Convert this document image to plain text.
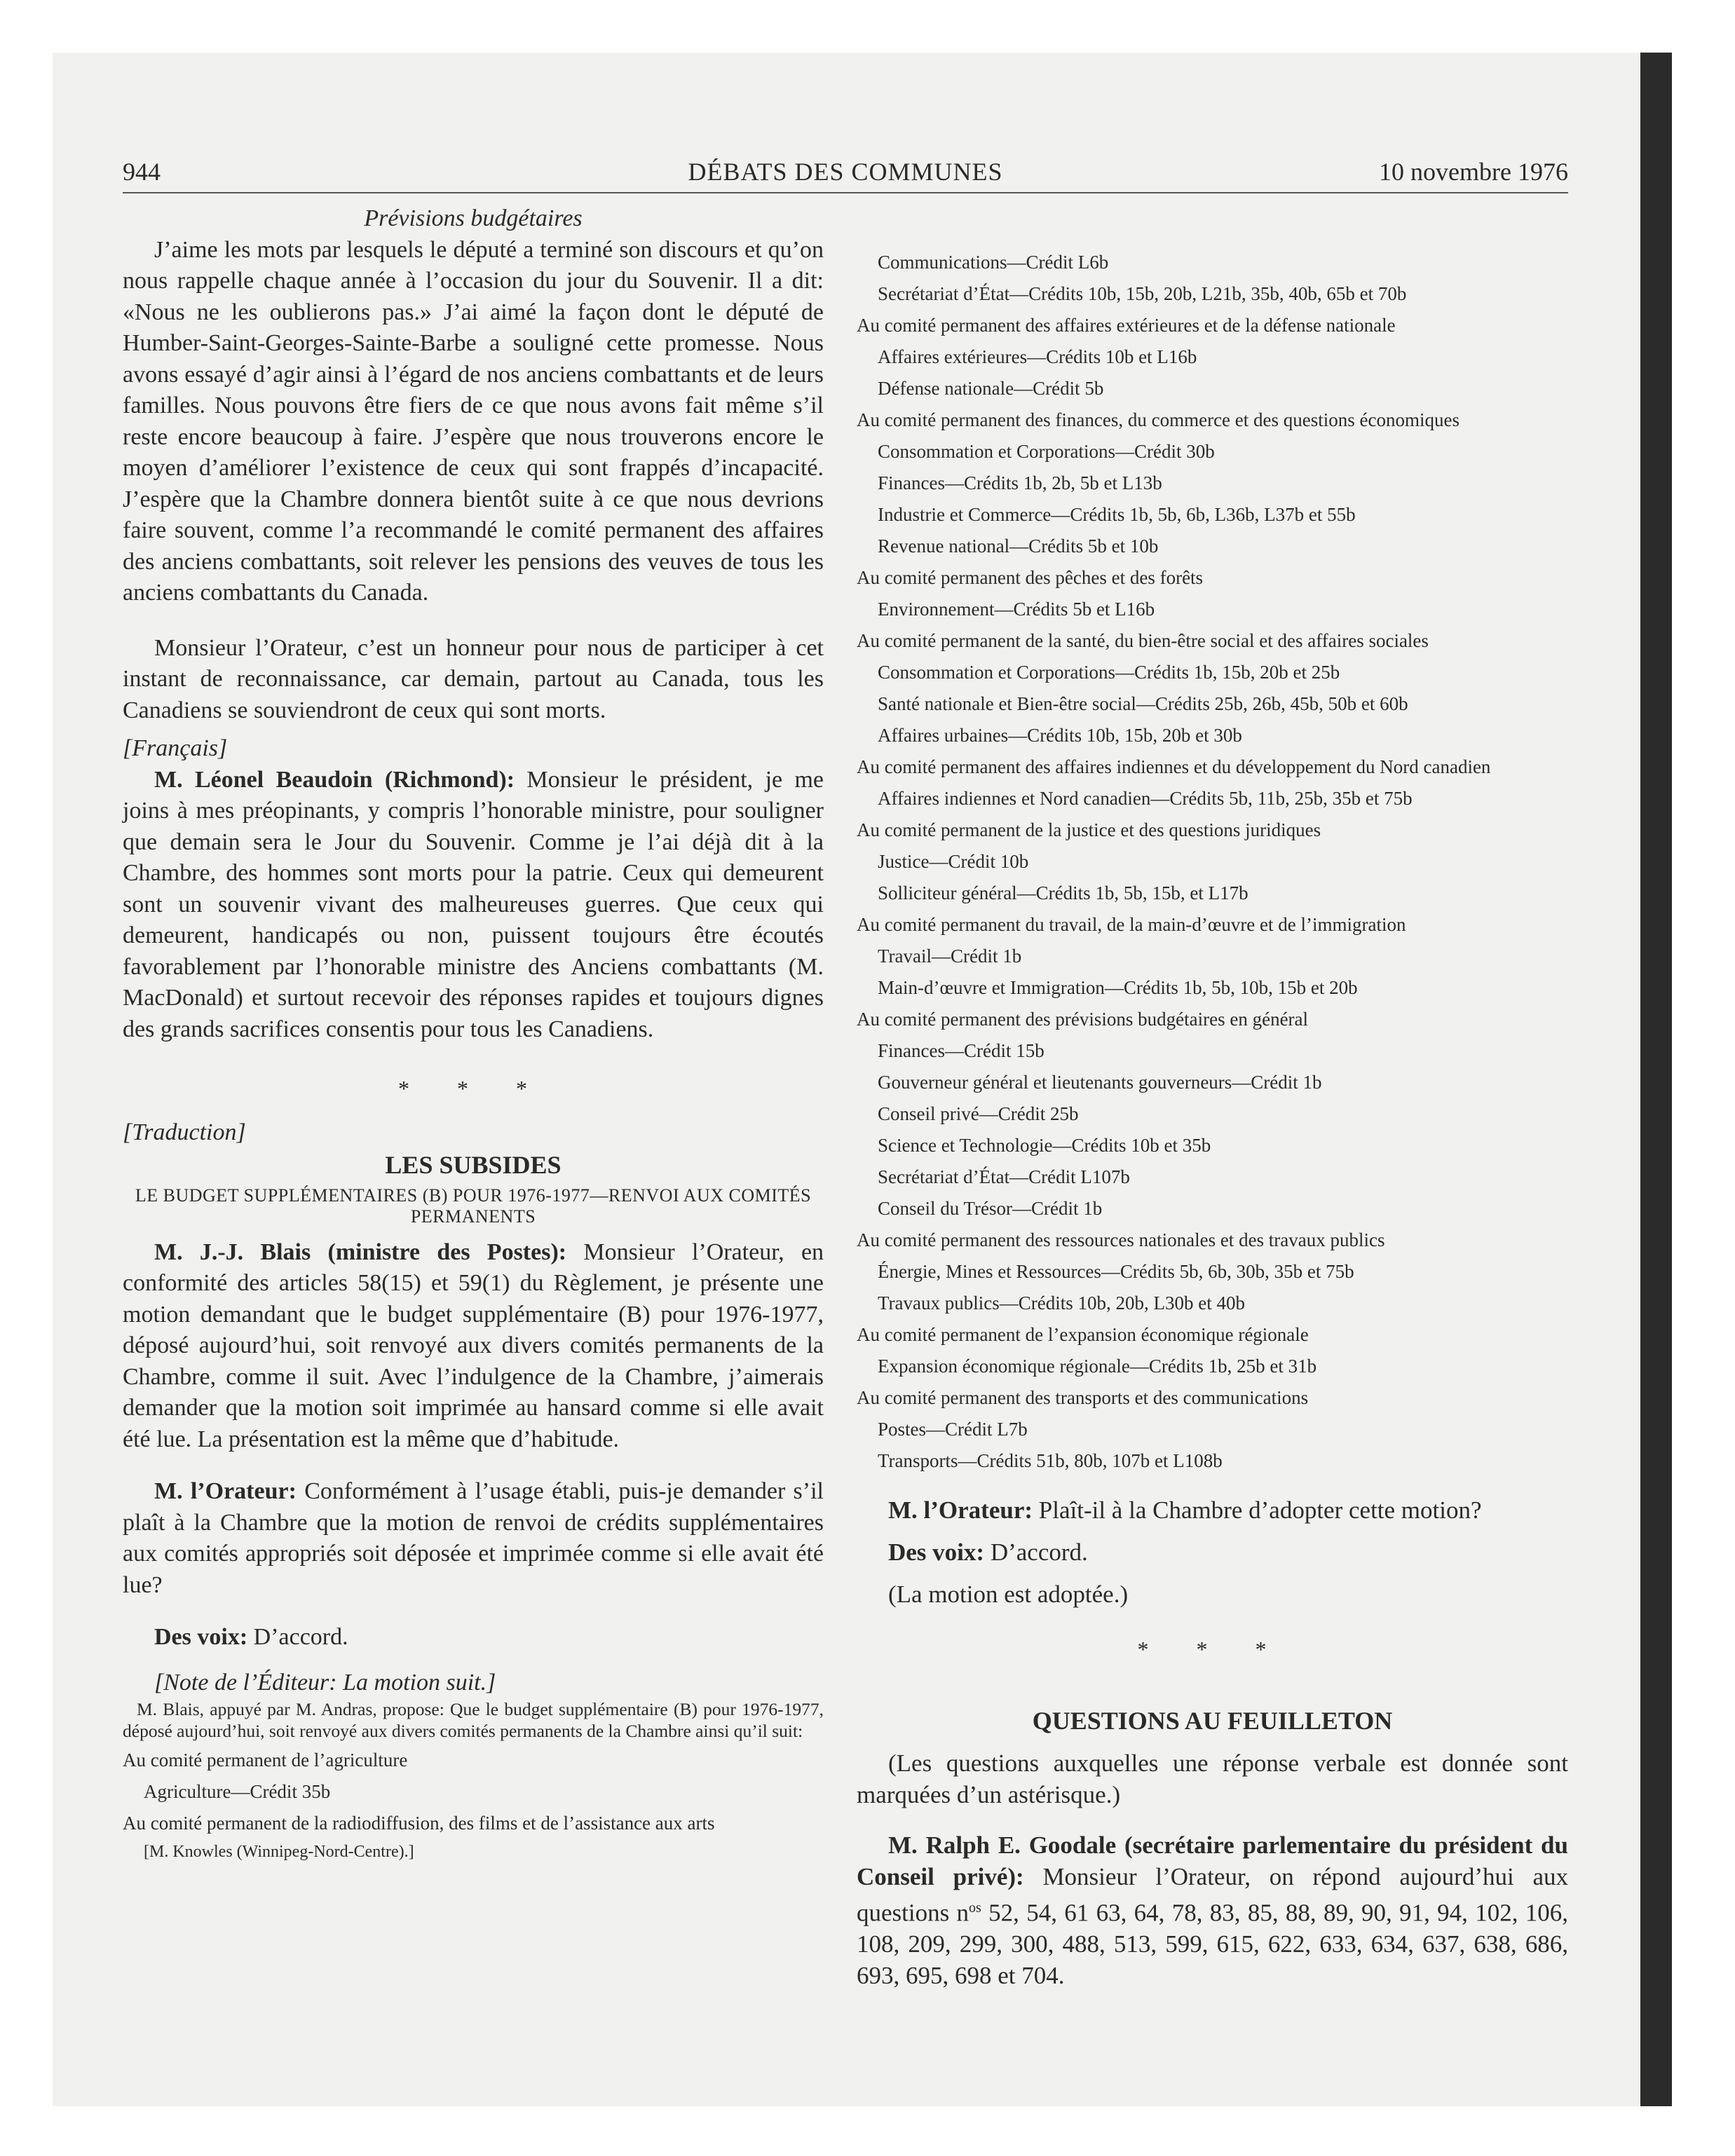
944	DÉBATS DES COMMUNES	10 novembre 1976

Prévisions budgétaires

J’aime les mots par lesquels le député a terminé son discours et qu’on nous rappelle chaque année à l’occasion du jour du Souvenir. Il a dit: «Nous ne les oublierons pas.» J’ai aimé la façon dont le député de Humber-Saint-Georges-Sainte-Barbe a souligné cette promesse. Nous avons essayé d’agir ainsi à l’égard de nos anciens combattants et de leurs familles. Nous pouvons être fiers de ce que nous avons fait même s’il reste encore beaucoup à faire. J’espère que nous trouverons encore le moyen d’améliorer l’existence de ceux qui sont frappés d’incapacité. J’espère que la Chambre donnera bientôt suite à ce que nous devrions faire souvent, comme l’a recommandé le comité permanent des affaires des anciens combattants, soit relever les pensions des veuves de tous les anciens combattants du Canada.

Monsieur l’Orateur, c’est un honneur pour nous de participer à cet instant de reconnaissance, car demain, partout au Canada, tous les Canadiens se souviendront de ceux qui sont morts.

[Français]

M. Léonel Beaudoin (Richmond): Monsieur le président, je me joins à mes préopinants, y compris l’honorable ministre, pour souligner que demain sera le Jour du Souvenir. Comme je l’ai déjà dit à la Chambre, des hommes sont morts pour la patrie. Ceux qui demeurent sont un souvenir vivant des malheureuses guerres. Que ceux qui demeurent, handicapés ou non, puissent toujours être écoutés favorablement par l’honorable ministre des Anciens combattants (M. MacDonald) et surtout recevoir des réponses rapides et toujours dignes des grands sacrifices consentis pour tous les Canadiens.

* * *

[Traduction]

LES SUBSIDES

LE BUDGET SUPPLÉMENTAIRES (B) POUR 1976-1977—RENVOI AUX COMITÉS PERMANENTS

M. J.-J. Blais (ministre des Postes): Monsieur l’Orateur, en conformité des articles 58(15) et 59(1) du Règlement, je présente une motion demandant que le budget supplémentaire (B) pour 1976-1977, déposé aujourd’hui, soit renvoyé aux divers comités permanents de la Chambre, comme il suit. Avec l’indulgence de la Chambre, j’aimerais demander que la motion soit imprimée au hansard comme si elle avait été lue. La présentation est la même que d’habitude.

M. l’Orateur: Conformément à l’usage établi, puis-je demander s’il plaît à la Chambre que la motion de renvoi de crédits supplémentaires aux comités appropriés soit déposée et imprimée comme si elle avait été lue?

Des voix: D’accord.

[Note de l’Éditeur: La motion suit.]

M. Blais, appuyé par M. Andras, propose: Que le budget supplémentaire (B) pour 1976-1977, déposé aujourd’hui, soit renvoyé aux divers comités permanents de la Chambre ainsi qu’il suit:

Au comité permanent de l’agriculture
Agriculture—Crédit 35b
Au comité permanent de la radiodiffusion, des films et de l’assistance aux arts
[M. Knowles (Winnipeg-Nord-Centre).]
Communications—Crédit L6b
Secrétariat d’État—Crédits 10b, 15b, 20b, L21b, 35b, 40b, 65b et 70b
Au comité permanent des affaires extérieures et de la défense nationale
Affaires extérieures—Crédits 10b et L16b
Défense nationale—Crédit 5b
Au comité permanent des finances, du commerce et des questions économiques
Consommation et Corporations—Crédit 30b
Finances—Crédits 1b, 2b, 5b et L13b
Industrie et Commerce—Crédits 1b, 5b, 6b, L36b, L37b et 55b
Revenue national—Crédits 5b et 10b
Au comité permanent des pêches et des forêts
Environnement—Crédits 5b et L16b
Au comité permanent de la santé, du bien-être social et des affaires sociales
Consommation et Corporations—Crédits 1b, 15b, 20b et 25b
Santé nationale et Bien-être social—Crédits 25b, 26b, 45b, 50b et 60b
Affaires urbaines—Crédits 10b, 15b, 20b et 30b
Au comité permanent des affaires indiennes et du développement du Nord canadien
Affaires indiennes et Nord canadien—Crédits 5b, 11b, 25b, 35b et 75b
Au comité permanent de la justice et des questions juridiques
Justice—Crédit 10b
Solliciteur général—Crédits 1b, 5b, 15b, et L17b
Au comité permanent du travail, de la main-d’œuvre et de l’immigration
Travail—Crédit 1b
Main-d’œuvre et Immigration—Crédits 1b, 5b, 10b, 15b et 20b
Au comité permanent des prévisions budgétaires en général
Finances—Crédit 15b
Gouverneur général et lieutenants gouverneurs—Crédit 1b
Conseil privé—Crédit 25b
Science et Technologie—Crédits 10b et 35b
Secrétariat d’État—Crédit L107b
Conseil du Trésor—Crédit 1b
Au comité permanent des ressources nationales et des travaux publics
Énergie, Mines et Ressources—Crédits 5b, 6b, 30b, 35b et 75b
Travaux publics—Crédits 10b, 20b, L30b et 40b
Au comité permanent de l’expansion économique régionale
Expansion économique régionale—Crédits 1b, 25b et 31b
Au comité permanent des transports et des communications
Postes—Crédit L7b
Transports—Crédits 51b, 80b, 107b et L108b

M. l’Orateur: Plaît-il à la Chambre d’adopter cette motion?

Des voix: D’accord.

(La motion est adoptée.)

* * *

QUESTIONS AU FEUILLETON

(Les questions auxquelles une réponse verbale est donnée sont marquées d’un astérisque.)

M. Ralph E. Goodale (secrétaire parlementaire du président du Conseil privé): Monsieur l’Orateur, on répond aujourd’hui aux questions $n^{os}$ 52, 54, 61 63, 64, 78, 83, 85, 88, 89, 90, 91, 94, 102, 106, 108, 209, 299, 300, 488, 513, 599, 615, 622, 633, 634, 637, 638, 686, 693, 695, 698 et 704.
